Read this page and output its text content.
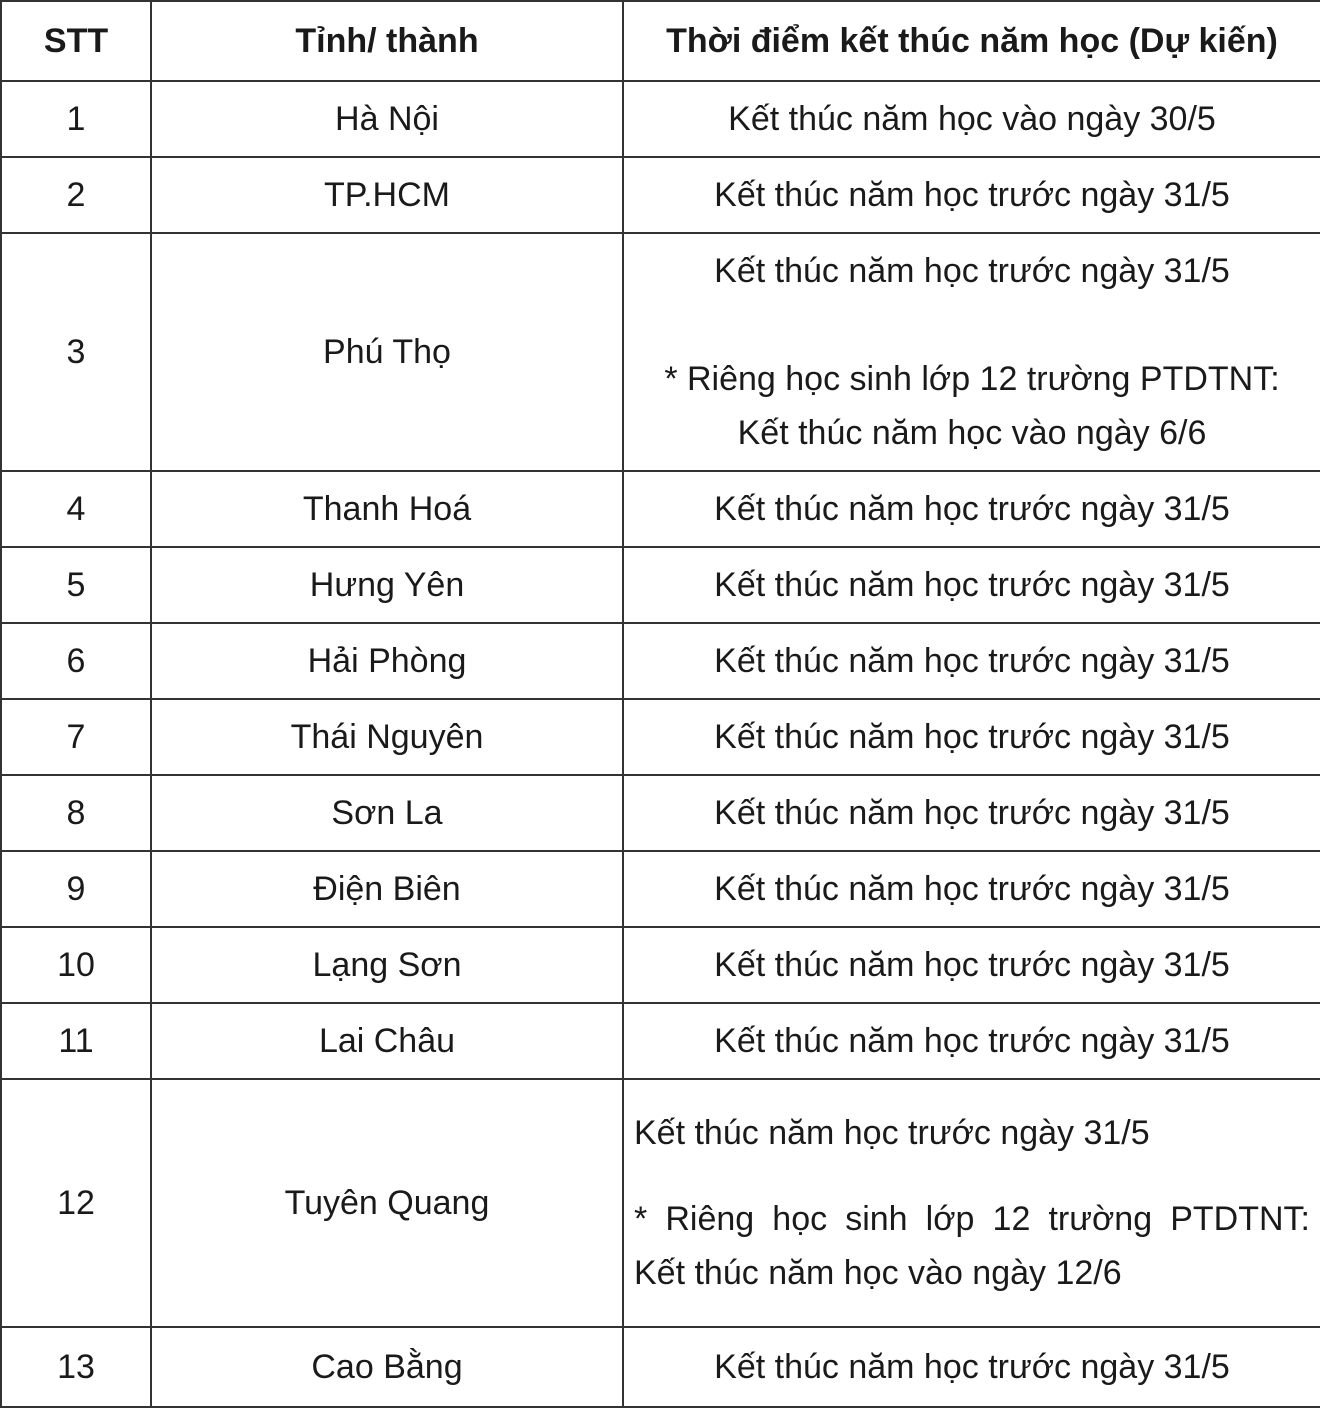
STT	Tỉnh/ thành	Thời điểm kết thúc năm học (Dự kiến)
1	Hà Nội	Kết thúc năm học vào ngày 30/5
2	TP.HCM	Kết thúc năm học trước ngày 31/5
3	Phú Thọ	Kết thúc năm học trước ngày 31/5
* Riêng học sinh lớp 12 trường PTDTNT:
Kết thúc năm học vào ngày 6/6

4	Thanh Hoá	Kết thúc năm học trước ngày 31/5
5	Hưng Yên	Kết thúc năm học trước ngày 31/5
6	Hải Phòng	Kết thúc năm học trước ngày 31/5
7	Thái Nguyên	Kết thúc năm học trước ngày 31/5
8	Sơn La	Kết thúc năm học trước ngày 31/5
9	Điện Biên	Kết thúc năm học trước ngày 31/5
10	Lạng Sơn	Kết thúc năm học trước ngày 31/5
11	Lai Châu	Kết thúc năm học trước ngày 31/5
12	Tuyên Quang	Kết thúc năm học trước ngày 31/5
* Riêng học sinh lớp 12 trường PTDTNT:
Kết thúc năm học vào ngày 12/6

13	Cao Bằng	Kết thúc năm học trước ngày 31/5
